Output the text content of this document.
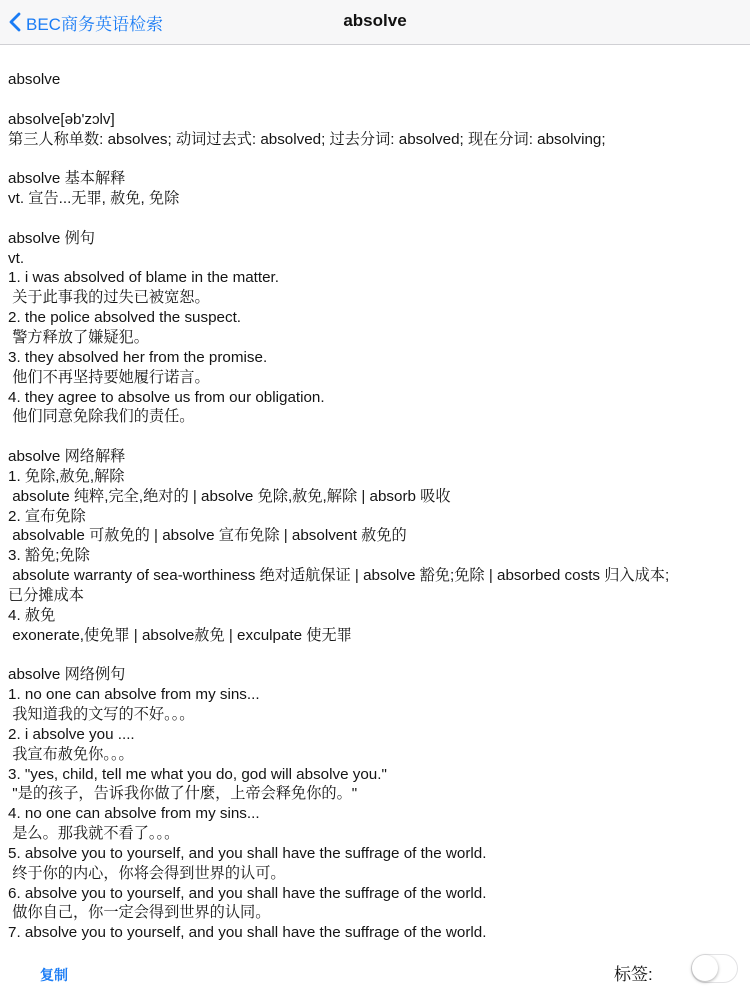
BEC商务英语检索	absolve
absolve
absolve[əb'zɔlv]
第三人称单数: absolves; 动词过去式: absolved; 过去分词: absolved; 现在分词: absolving;
absolve 基本解释
vt. 宣告...无罪, 赦免, 免除
absolve 例句
vt.
1. i was absolved of blame in the matter.
关于此事我的过失已被宽恕。
2. the police absolved the suspect.
警方释放了嫌疑犯。
3. they absolved her from the promise.
他们不再坚持要她履行诺言。
4. they agree to absolve us from our obligation.
他们同意免除我们的责任。
absolve 网络解释
1. 免除,赦免,解除
absolute 纯粹,完全,绝对的 | absolve 免除,赦免,解除 | absorb 吸收
2. 宣布免除
absolvable 可赦免的 | absolve 宣布免除 | absolvent 赦免的
3. 豁免;免除
absolute warranty of sea-worthiness 绝对适航保证 | absolve 豁免;免除 | absorbed costs 归入成本;
已分摊成本
4. 赦免
exonerate,使免罪 | absolve赦免 | exculpate 使无罪
absolve 网络例句
1. no one can absolve from my sins...
我知道我的文写的不好。。。
2. i absolve you ....
我宣布赦免你。。。
3. "yes, child, tell me what you do, god will absolve you."
"是的孩子，告诉我你做了什麼，上帝会释免你的。"
4. no one can absolve from my sins...
是么。那我就不看了。。。
5. absolve you to yourself, and you shall have the suffrage of the world.
终于你的内心，你将会得到世界的认可。
6. absolve you to yourself, and you shall have the suffrage of the world.
做你自己，你一定会得到世界的认同。
7. absolve you to yourself, and you shall have the suffrage of the world.
复制	标签:
